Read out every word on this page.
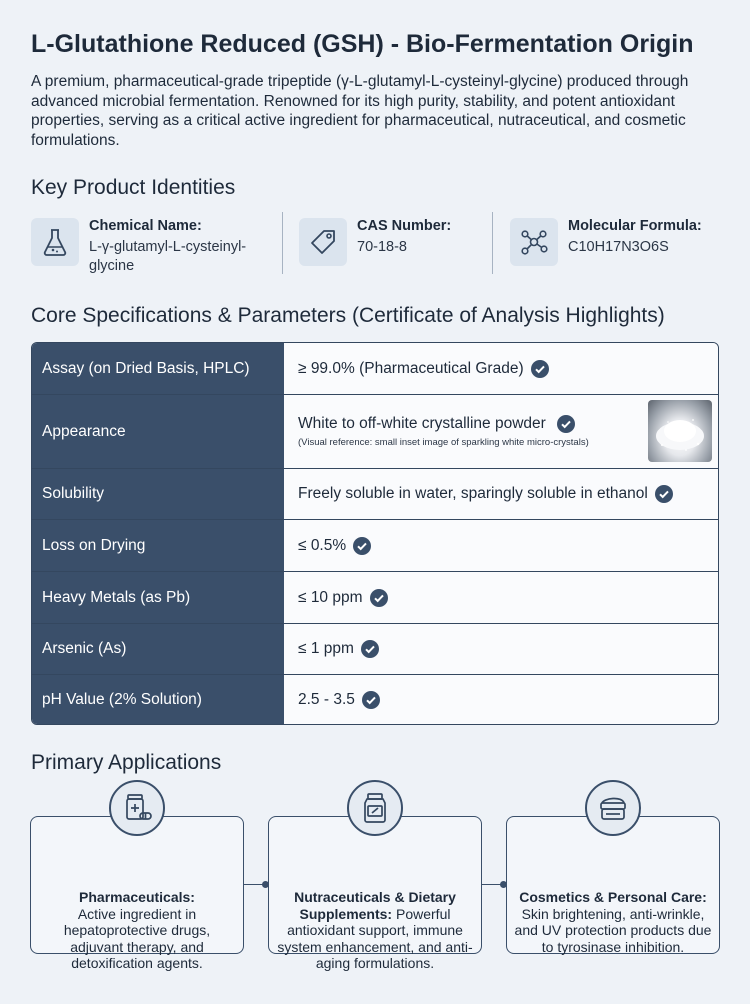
L-Glutathione Reduced (GSH) - Bio-Fermentation Origin
A premium, pharmaceutical-grade tripeptide (γ-L-glutamyl-L-cysteinyl-glycine) produced through advanced microbial fermentation. Renowned for its high purity, stability, and potent antioxidant properties, serving as a critical active ingredient for pharmaceutical, nutraceutical, and cosmetic formulations.
Key Product Identities
Chemical Name:
L-γ-glutamyl-L-cysteinyl-glycine
CAS Number:
70-18-8
Molecular Formula:
C10H17N3O6S
Core Specifications & Parameters (Certificate of Analysis Highlights)
Assay (on Dried Basis, HPLC)	≥ 99.0% (Pharmaceutical Grade)
Appearance	White to off-white crystalline powder
(Visual reference: small inset image of sparkling white micro-crystals)
Solubility	Freely soluble in water, sparingly soluble in ethanol
Loss on Drying	≤ 0.5%
Heavy Metals (as Pb)	≤ 10 ppm
Arsenic (As)	≤ 1 ppm
pH Value (2% Solution)	2.5 - 3.5
Primary Applications
Pharmaceuticals:
Active ingredient in hepatoprotective drugs, adjuvant therapy, and detoxification agents.
Nutraceuticals & Dietary Supplements: Powerful antioxidant support, immune system enhancement, and anti-aging formulations.
Cosmetics & Personal Care: Skin brightening, anti-wrinkle, and UV protection products due to tyrosinase inhibition.
